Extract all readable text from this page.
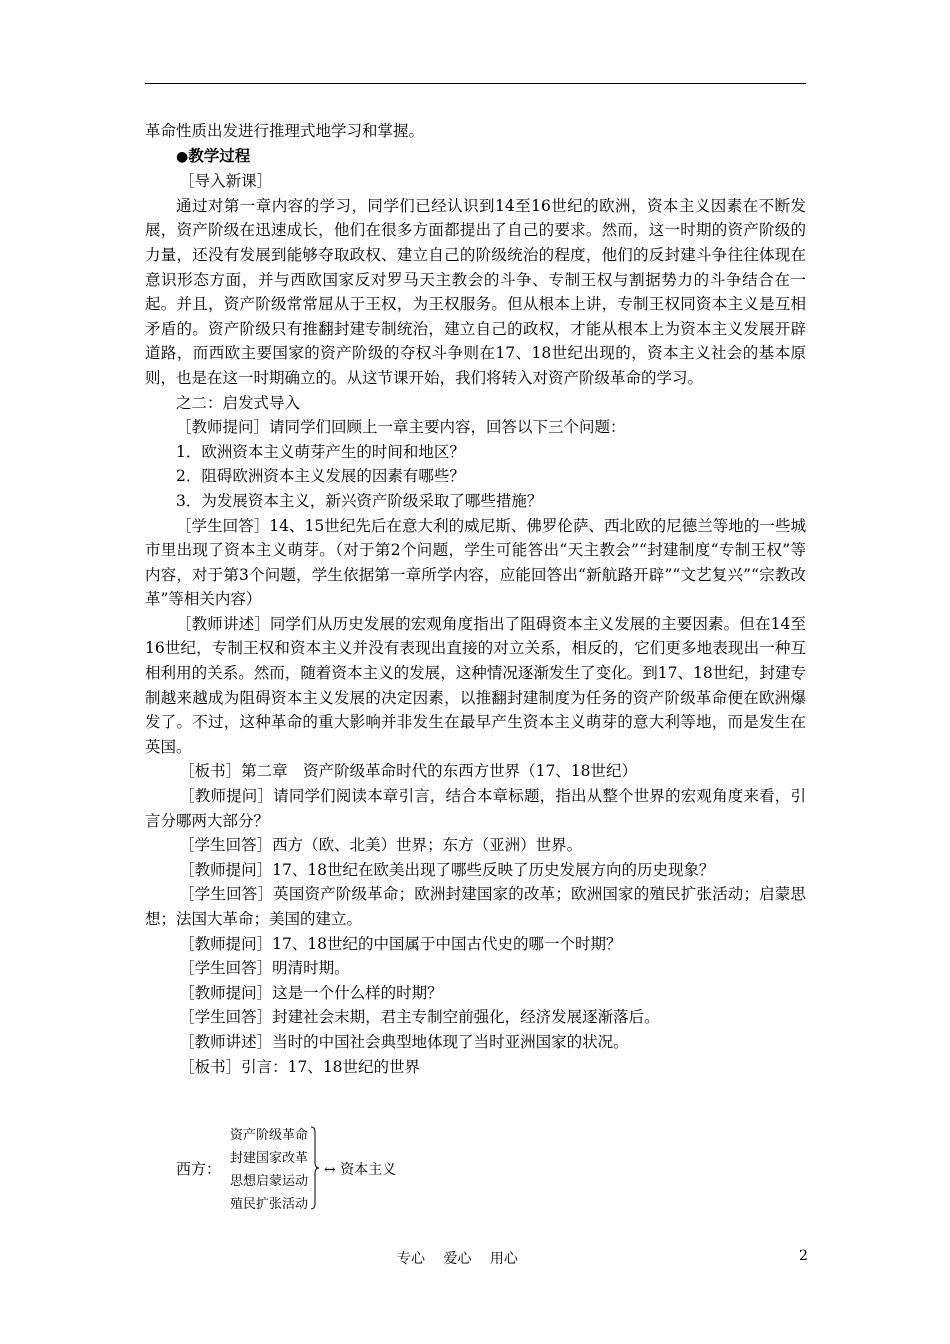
革命性质出发进行推理式地学习和掌握。

●教学过程

［导入新课］

通过对第一章内容的学习，同学们已经认识到14至16世纪的欧洲，资本主义因素在不断发展，资产阶级在迅速成长，他们在很多方面都提出了自己的要求。然而，这一时期的资产阶级的力量，还没有发展到能够夺取政权、建立自己的阶级统治的程度，他们的反封建斗争往往体现在意识形态方面，并与西欧国家反对罗马天主教会的斗争、专制王权与割据势力的斗争结合在一起。并且，资产阶级常常屈从于王权，为王权服务。但从根本上讲，专制王权同资本主义是互相矛盾的。资产阶级只有推翻封建专制统治，建立自己的政权，才能从根本上为资本主义发展开辟道路，而西欧主要国家的资产阶级的夺权斗争则在17、18世纪出现的，资本主义社会的基本原则，也是在这一时期确立的。从这节课开始，我们将转入对资产阶级革命的学习。

之二：启发式导入

［教师提问］请同学们回顾上一章主要内容，回答以下三个问题：

1．欧洲资本主义萌芽产生的时间和地区？

2．阻碍欧洲资本主义发展的因素有哪些？

3．为发展资本主义，新兴资产阶级采取了哪些措施？

［学生回答］14、15世纪先后在意大利的威尼斯、佛罗伦萨、西北欧的尼德兰等地的一些城市里出现了资本主义萌芽。（对于第2个问题，学生可能答出“天主教会”“封建制度“专制王权”等内容，对于第3个问题，学生依据第一章所学内容，应能回答出“新航路开辟”“文艺复兴”“宗教改革”等相关内容）

［教师讲述］同学们从历史发展的宏观角度指出了阻碍资本主义发展的主要因素。但在14至16世纪，专制王权和资本主义并没有表现出直接的对立关系，相反的，它们更多地表现出一种互相利用的关系。然而，随着资本主义的发展，这种情况逐渐发生了变化。到17、18世纪，封建专制越来越成为阻碍资本主义发展的决定因素，以推翻封建制度为任务的资产阶级革命便在欧洲爆发了。不过，这种革命的重大影响并非发生在最早产生资本主义萌芽的意大利等地，而是发生在英国。

［板书］第二章　资产阶级革命时代的东西方世界（17、18世纪）

［教师提问］请同学们阅读本章引言，结合本章标题，指出从整个世界的宏观角度来看，引言分哪两大部分？

［学生回答］西方（欧、北美）世界；东方（亚洲）世界。

［教师提问］17、18世纪在欧美出现了哪些反映了历史发展方向的历史现象？

［学生回答］英国资产阶级革命；欧洲封建国家的改革；欧洲国家的殖民扩张活动；启蒙思想；法国大革命；美国的建立。

［教师提问］17、18世纪的中国属于中国古代史的哪一个时期？

［学生回答］明清时期。

［教师提问］这是一个什么样的时期？

［学生回答］封建社会末期，君主专制空前强化，经济发展逐渐落后。

［教师讲述］当时的中国社会典型地体现了当时亚洲国家的状况。

［板书］引言：17、18世纪的世界

西方：
资产阶级革命
封建国家改革
思想启蒙运动
殖民扩张活动
↔ 资本主义
专心 爱心 用心	2
